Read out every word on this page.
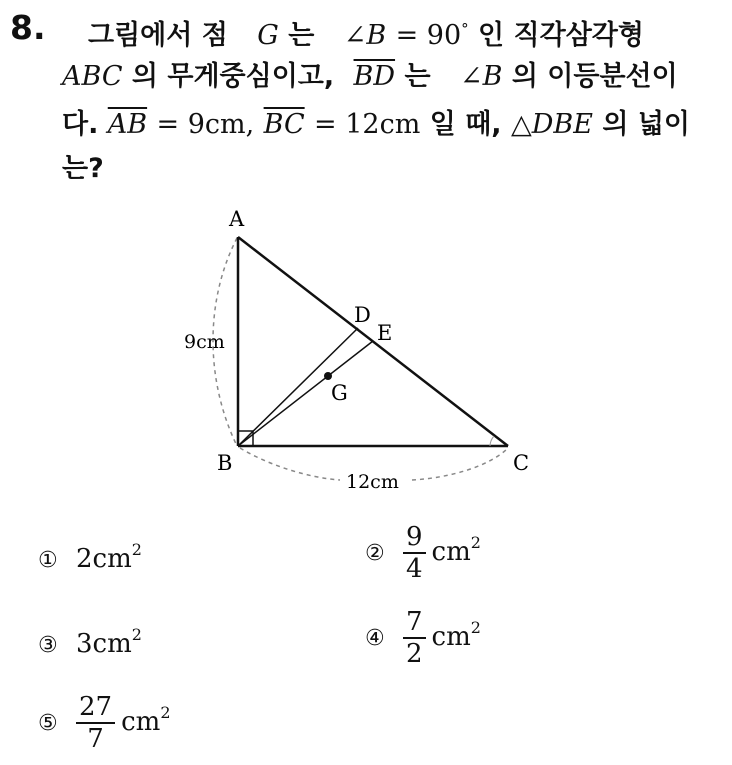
8. 그림에서 점 G 는 ∠B = 90° 인 직각삼각형
ABC 의 무게중심이고, $\overline{BD}$ 는 ∠B 의 이등분선이
다. $\overline{AB} = 9cm$, $\overline{BC} = 12cm$ 일 때, △DBE 의 넓이
는?
A
B	C
D
E
G
9cm
12cm
① $2cm^2$	② $\frac{9}{4} cm^2$
③ $3cm^2$	④ $\frac{7}{2} cm^2$
⑤ $\frac{27}{7} cm^2$
